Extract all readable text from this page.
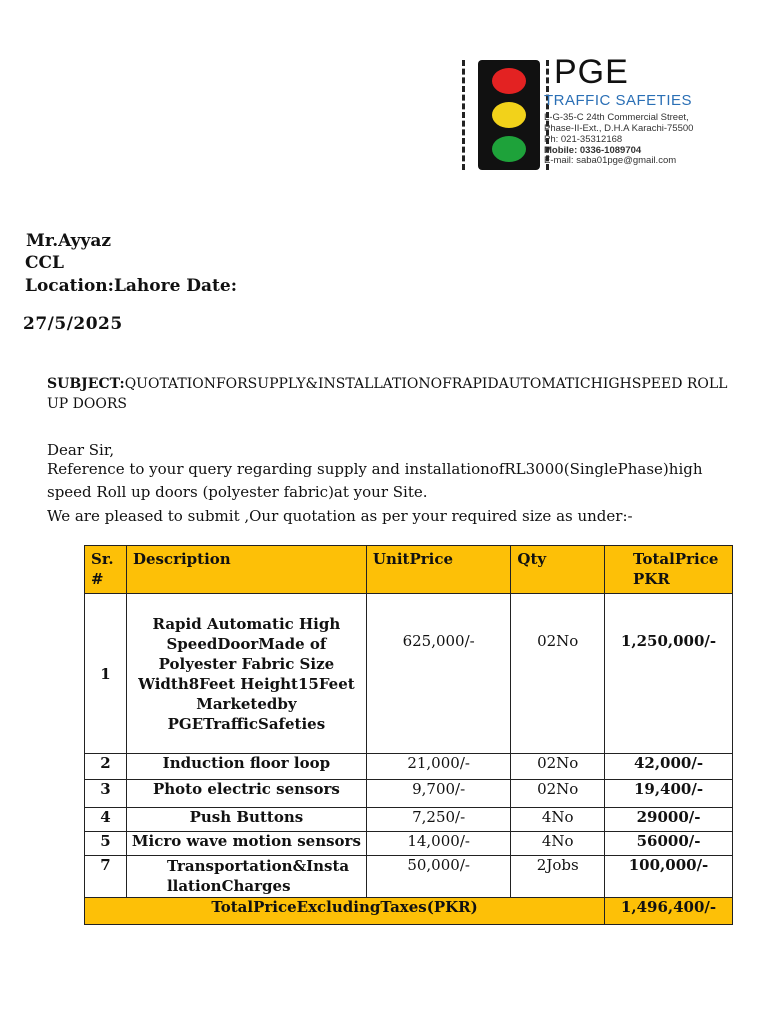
PGE
TRAFFIC SAFETIES
L-G-35-C 24th Commercial Street,
Phase-II-Ext., D.H.A Karachi-75500
Ph: 021-35312168
Mobile: 0336-1089704
E-mail: saba01pge@gmail.com
Mr.Ayyaz
CCL
Location:Lahore Date:
27/5/2025
SUBJECT:QUOTATIONFORSUPPLY&INSTALLATIONOFRAPIDAUTOMATICHIGHSPEED ROLL UP DOORS
Dear Sir,
Reference to your query regarding supply and installationofRL3000(SinglePhase)high speed Roll up doors (polyester fabric)at your Site.
We are pleased to submit ,Our quotation as per your required size as under:-
Sr. #	Description	UnitPrice	Qty	TotalPrice PKR
1	Rapid Automatic High SpeedDoorMade of Polyester Fabric Size Width8Feet Height15Feet Marketedby PGETrafficSafeties	625,000/-	02No	1,250,000/-
2	Induction floor loop	21,000/-	02No	42,000/-
3	Photo electric sensors	9,700/-	02No	19,400/-
4	Push Buttons	7,250/-	4No	29000/-
5	Micro wave motion sensors	14,000/-	4No	56000/-
7	Transportation&Insta llationCharges	50,000/-	2Jobs	100,000/-
TotalPriceExcludingTaxes(PKR)				1,496,400/-
